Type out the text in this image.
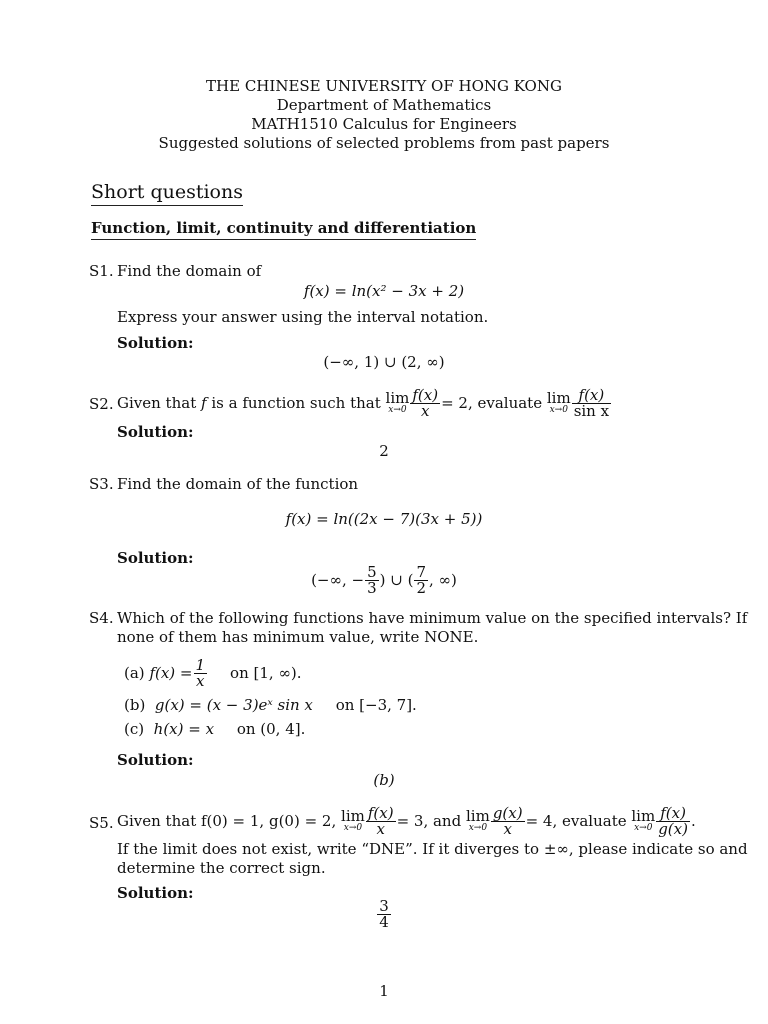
THE CHINESE UNIVERSITY OF HONG KONG
Department of Mathematics
MATH1510 Calculus for Engineers
Suggested solutions of selected problems from past papers
Short questions
Function, limit, continuity and differentiation
S1. Find the domain of
f(x) = ln(x² − 3x + 2)
Express your answer using the interval notation.
Solution:
(−∞, 1) ∪ (2, ∞)
S2. Given that
f
is a function such that
lim
$x\to 0 \frac{f(x)}{x} = 2$, evaluate
lim
$x\to 0 \frac{f(x)}{\text{sin x}}$
Solution:
2
S3. Find the domain of the function
f(x) = ln((2x − 7)(3x + 5))
Solution:
(−∞, − $\frac{5}{3}$ ) ∪ ( $\frac{7}{2}$ , ∞)
S4. Which of the following functions have minimum value on the specified intervals? If
none of them has minimum value, write NONE.
(a)
$f(x) = \frac{1}{x}$ on [1, ∞).
(b) g(x) = (x − 3)eˣ sin x on [−3, 7].
(c) h(x) = x on (0, 4].
Solution:
(b)
S5. Given that f(0) = 1, g(0) = 2,
lim
$x\to 0 \frac{f(x)}{x} = 3$, and
lim
$x\to 0 \frac{g(x)}{x} = 4$, evaluate
lim
$x\to 0 \frac{f(x)}{g(x)}$ .
If the limit does not exist, write “DNE”. If it diverges to ±∞, please indicate so and
determine the correct sign.
Solution:
$\frac{3}{4}$
1
